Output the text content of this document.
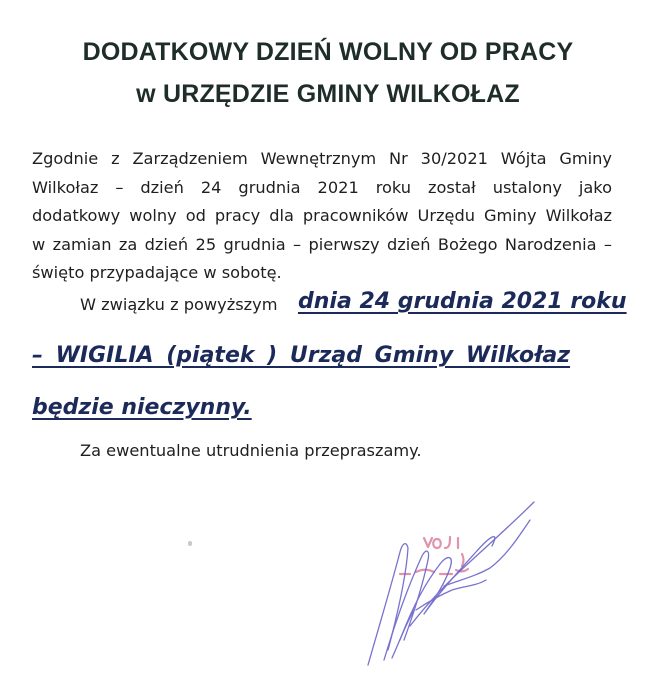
DODATKOWY DZIEŃ WOLNY OD PRACY
w URZĘDZIE GMINY WILKOŁAZ
Zgodnie z Zarządzeniem Wewnętrznym Nr 30/2021 Wójta Gminy
Wilkołaz – dzień 24 grudnia 2021 roku został ustalony jako
dodatkowy wolny od pracy dla pracowników Urzędu Gminy Wilkołaz
w zamian za dzień 25 grudnia – pierwszy dzień Bożego Narodzenia –
święto przypadające w sobotę.
W związku z powyższym dnia 24 grudnia 2021 roku
– WIGILIA (piątek ) Urząd Gminy Wilkołaz
będzie nieczynny.
Za ewentualne utrudnienia przepraszamy.
